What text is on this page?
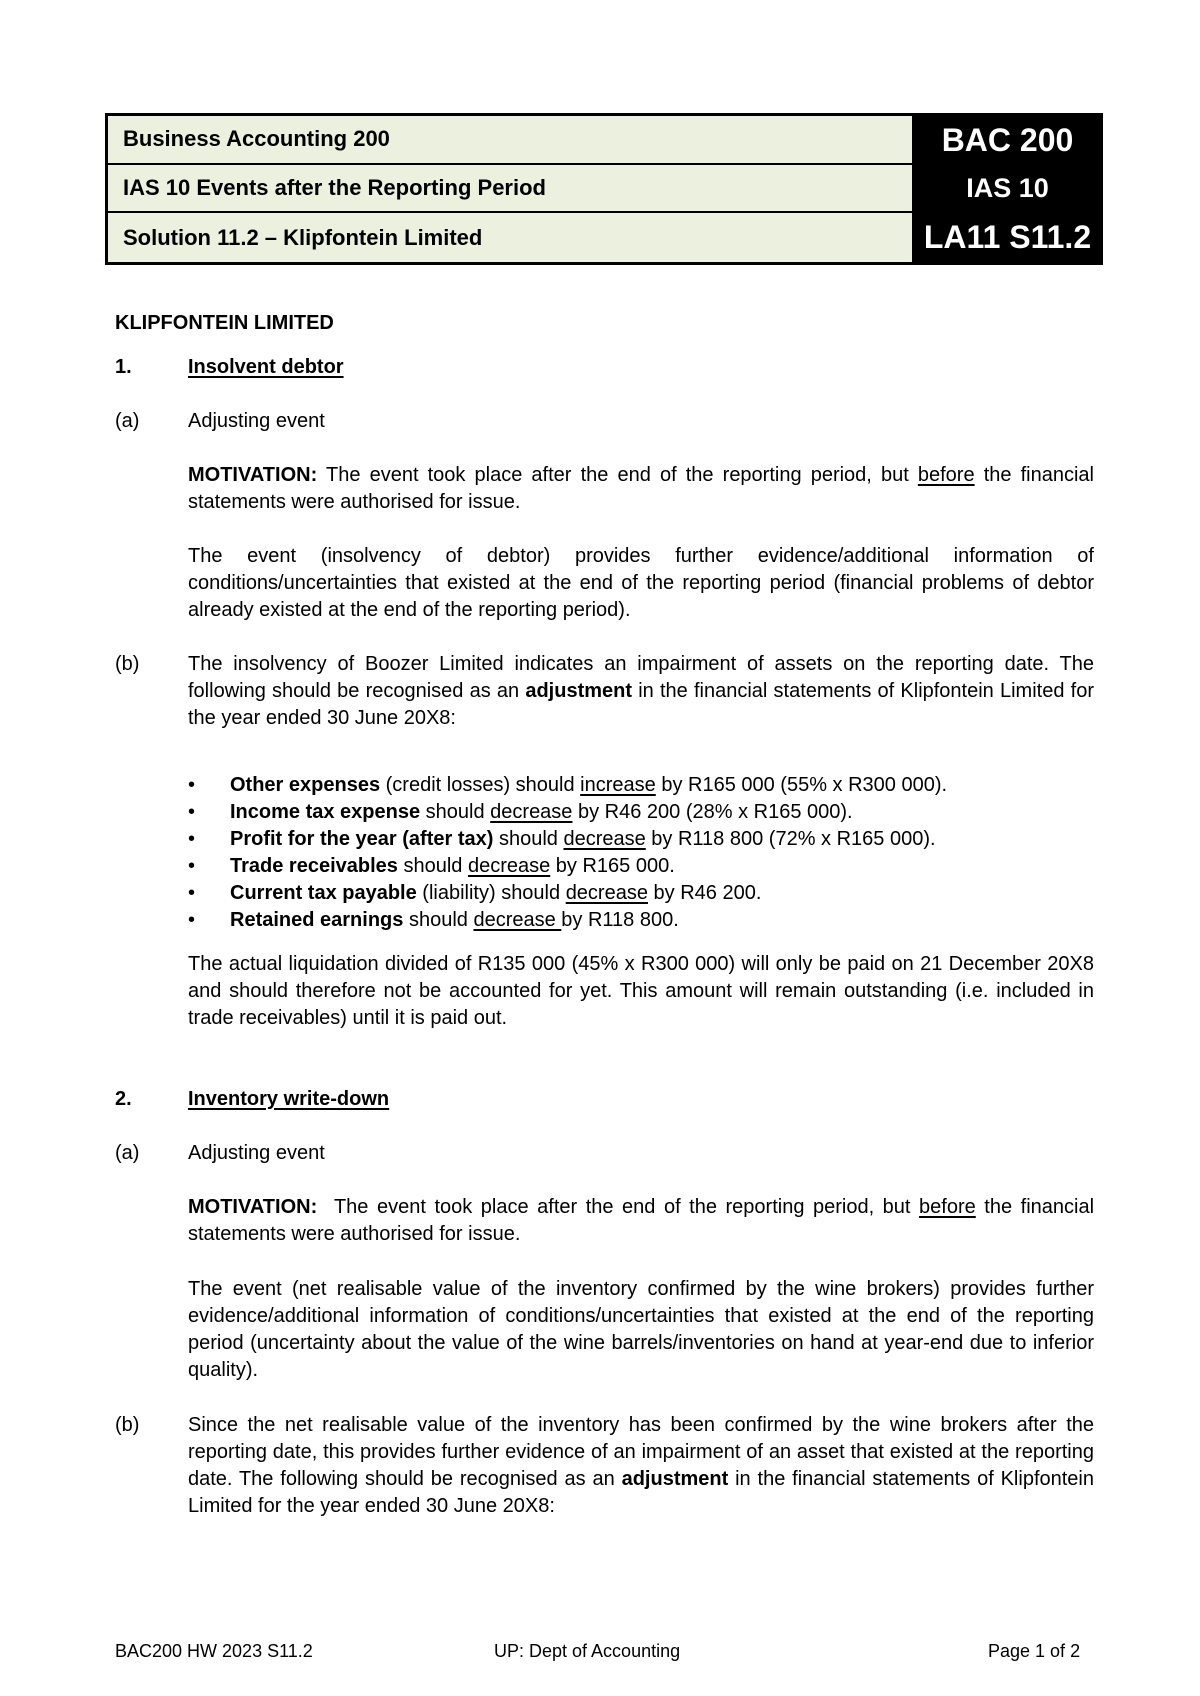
Business Accounting 200	BAC 200
IAS 10 Events after the Reporting Period	IAS 10
Solution 11.2 – Klipfontein Limited	LA11 S11.2
KLIPFONTEIN LIMITED
1.	Insolvent debtor
(a) Adjusting event
MOTIVATION: The event took place after the end of the reporting period, but before the financial statements were authorised for issue.
The event (insolvency of debtor) provides further evidence/additional information of conditions/uncertainties that existed at the end of the reporting period (financial problems of debtor already existed at the end of the reporting period).
(b) The insolvency of Boozer Limited indicates an impairment of assets on the reporting date. The following should be recognised as an adjustment in the financial statements of Klipfontein Limited for the year ended 30 June 20X8:
• Other expenses (credit losses) should increase by R165 000 (55% x R300 000).
• Income tax expense should decrease by R46 200 (28% x R165 000).
• Profit for the year (after tax) should decrease by R118 800 (72% x R165 000).
• Trade receivables should decrease by R165 000.
• Current tax payable (liability) should decrease by R46 200.
• Retained earnings should decrease by R118 800.
The actual liquidation divided of R135 000 (45% x R300 000) will only be paid on 21 December 20X8 and should therefore not be accounted for yet. This amount will remain outstanding (i.e. included in trade receivables) until it is paid out.
2.	Inventory write-down
(a) Adjusting event
MOTIVATION:  The event took place after the end of the reporting period, but before the financial statements were authorised for issue.
The event (net realisable value of the inventory confirmed by the wine brokers) provides further evidence/additional information of conditions/uncertainties that existed at the end of the reporting period (uncertainty about the value of the wine barrels/inventories on hand at year-end due to inferior quality).
(b) Since the net realisable value of the inventory has been confirmed by the wine brokers after the reporting date, this provides further evidence of an impairment of an asset that existed at the reporting date. The following should be recognised as an adjustment in the financial statements of Klipfontein Limited for the year ended 30 June 20X8:
BAC200 HW 2023 S11.2	UP: Dept of Accounting	Page 1 of 2
